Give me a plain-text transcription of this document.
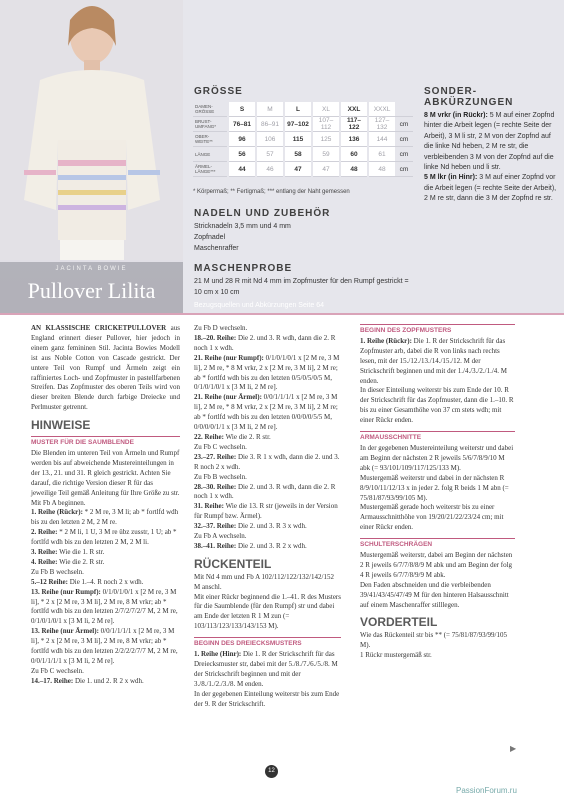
JACINTA BOWIE
Pullover Lilita
GRÖSSE
DAMEN-GRÖSSE	S	M	L	XL	XXL	XXXL	
BRUST-UMFANG*	76–81	86–91	97–102	107–112	117–122	127–132	cm
OBER-WEITE**	96	106	115	125	136	144	cm
LÄNGE	56	57	58	59	60	61	cm
ÄRMEL-LÄNGE***	44	46	47	47	48	48	cm
* Körpermaß; ** Fertigmaß; *** entlang der Naht gemessen
NADELN UND ZUBEHÖR
Stricknadeln 3,5 mm und 4 mm
Zopfnadel
Maschenraffer
MASCHENPROBE
21 M und 28 R mit Nd 4 mm im Zopfmuster für den Rumpf gestrickt = 10 cm x 10 cm
SONDER-
ABKÜRZUNGEN

8 M vrkr (in Rückr): 5 M auf einer Zopfnd hinter die Arbeit legen (= rechte Seite der Arbeit), 3 M li str, 2 M von der Zopfnd auf die linke Nd heben, 2 M re str, die verbleibenden 3 M von der Zopfnd auf die linke Nd heben und li str.

5 M lkr (in Hinr): 3 M auf einer Zopfnd vor die Arbeit legen (= rechte Seite der Arbeit), 2 M re str, dann die 3 M der Zopfnd re str.

Bezugsquellen und Abkürzungen Seite 64

AN KLASSISCHE CRICKETPULLOVER aus England erinnert dieser Pullover, hier jedoch in einem ganz femininen Stil. Jacinta Bowies Modell ist aus Noble Cotton von Cascade gestrickt. Der untere Teil von Rumpf und Ärmeln zeigt ein raffiniertes Loch- und Zopfmuster in pastellfarbenen Streifen. Das Zopfmuster des oberen Teils wird von dieser breiten Blende durch farbige Dreiecke und Perlmuster getrennt.

HINWEISE
MUSTER FÜR DIE SAUMBLENDE

Die Blenden im unteren Teil von Ärmeln und Rumpf werden bis auf abweichende Mustereinteilungen in der 13., 21. und 31. R gleich gestrickt. Achten Sie darauf, die richtige Version dieser R für das jeweilige Teil gemäß Anleitung für Ihre Größe zu str.

Mit Fb A beginnen.

1. Reihe (Rückr): * 2 M re, 3 M li; ab * fortlfd wdh bis zu den letzten 2 M, 2 M re.

2. Reihe: * 2 M li, 1 U, 3 M re übz zusstr, 1 U; ab * fortlfd wdh bis zu den letzten 2 M, 2 M li.

3. Reihe: Wie die 1. R str.

4. Reihe: Wie die 2. R str.

Zu Fb B wechseln.

5.–12 Reihe: Die 1.–4. R noch 2 x wdh.

13. Reihe (nur Rumpf): 0/1/0/1/0/1 x [2 M re, 3 M li], * 2 x [2 M re, 3 M li], 2 M re, 8 M vrkr; ab * fortlfd wdh bis zu den letzten 2/7/2/7/2/7 M, 2 M re, 0/1/0/1/0/1 x [3 M li, 2 M re].

13. Reihe (nur Ärmel): 0/0/1/1/1/1 x [2 M re, 3 M li], * 2 x [2 M re, 3 M li], 2 M re, 8 M vrkr; ab * fortlfd wdh bis zu den letzten 2/2/2/2/7/7 M, 2 M re, 0/0/1/1/1/1 x [3 M li, 2 M re].

Zu Fb C wechseln.

14.–17. Reihe: Die 1. und 2. R 2 x wdh.

Zu Fb D wechseln.

18.–20. Reihe: Die 2. und 3. R wdh, dann die 2. R noch 1 x wdh.

21. Reihe (nur Rumpf): 0/1/0/1/0/1 x [2 M re, 3 M li], 2 M re, * 8 M vrkr, 2 x [2 M re, 3 M li], 2 M re; ab * fortlfd wdh bis zu den letzten 0/5/0/5/0/5 M, 0/1/0/1/0/1 x [3 M li, 2 M re].

21. Reihe (nur Ärmel): 0/0/1/1/1/1 x [2 M re, 3 M li], 2 M re, * 8 M vrkr, 2 x [2 M re, 3 M li], 2 M re; ab * fortlfd wdh bis zu den letzten 0/0/0/0/5/5 M, 0/0/0/0/1/1 x [3 M li, 2 M re].

22. Reihe: Wie die 2. R str.

Zu Fb C wechseln.

23.–27. Reihe: Die 3. R 1 x wdh, dann die 2. und 3. R noch 2 x wdh.

Zu Fb B wechseln.

28.–30. Reihe: Die 2. und 3. R wdh, dann die 2. R noch 1 x wdh.

31. Reihe: Wie die 13. R str (jeweils in der Version für Rumpf bzw. Ärmel).

32.–37. Reihe: Die 2. und 3. R 3 x wdh.

Zu Fb A wechseln.

38.–41. Reihe: Die 2. und 3. R 2 x wdh.

RÜCKENTEIL

Mit Nd 4 mm und Fb A 102/112/122/132/142/152 M anschl.

Mit einer Rückr beginnend die 1.–41. R des Musters für die Saumblende (für den Rumpf) str und dabei am Ende der letzten R 1 M zun (= 103/113/123/133/143/153 M).

BEGINN DES DREIECKSMUSTERS

1. Reihe (Hinr): Die 1. R der Strickschrift für das Dreiecksmuster str, dabei mit der 5./8./7./6./5./8. M der Strickschrift beginnen und mit der 3./8./1./2./3./8. M enden.

In der gegebenen Einteilung weiterstr bis zum Ende der 9. R der Strickschrift.

BEGINN DES ZOPFMUSTERS

1. Reihe (Rückr): Die 1. R der Strickschrift für das Zopfmuster arb, dabei die R von links nach rechts lesen, mit der 15./12./13./14./15./12. M der Strickschrift beginnen und mit der 1./4./3./2./1./4. M enden.

In dieser Einteilung weiterstr bis zum Ende der 10. R der Strickschrift für das Zopfmuster, dann die 1.–10. R bis zu einer Gesamthöhe von 37 cm stets wdh; mit einer Rückr enden.

ARMAUSSCHNITTE

In der gegebenen Mustereinteilung weiterstr und dabei am Beginn der nächsten 2 R jeweils 5/6/7/8/9/10 M abk (= 93/101/109/117/125/133 M).

Mustergemäß weiterstr und dabei in der nächsten R 8/9/10/11/12/13 x in jeder 2. folg R beids 1 M abn (= 75/81/87/93/99/105 M).

Mustergemäß gerade hoch weiterstr bis zu einer Armausschnitthöhe von 19/20/21/22/23/24 cm; mit einer Rückr enden.

SCHULTERSCHRÄGEN

Mustergemäß weiterstr, dabei am Beginn der nächsten 2 R jeweils 6/7/7/8/8/9 M abk und am Beginn der folg 4 R jeweils 6/7/7/8/9/9 M abk.

Den Faden abschneiden und die verbleibenden 39/41/43/45/47/49 M für den hinteren Halsausschnitt auf einem Maschenraffer stilllegen.

VORDERTEIL

Wie das Rückenteil str bis ** (= 75/81/87/93/99/105 M).

1 Rückr mustergemäß str.

▶
12
PassionForum.ru
